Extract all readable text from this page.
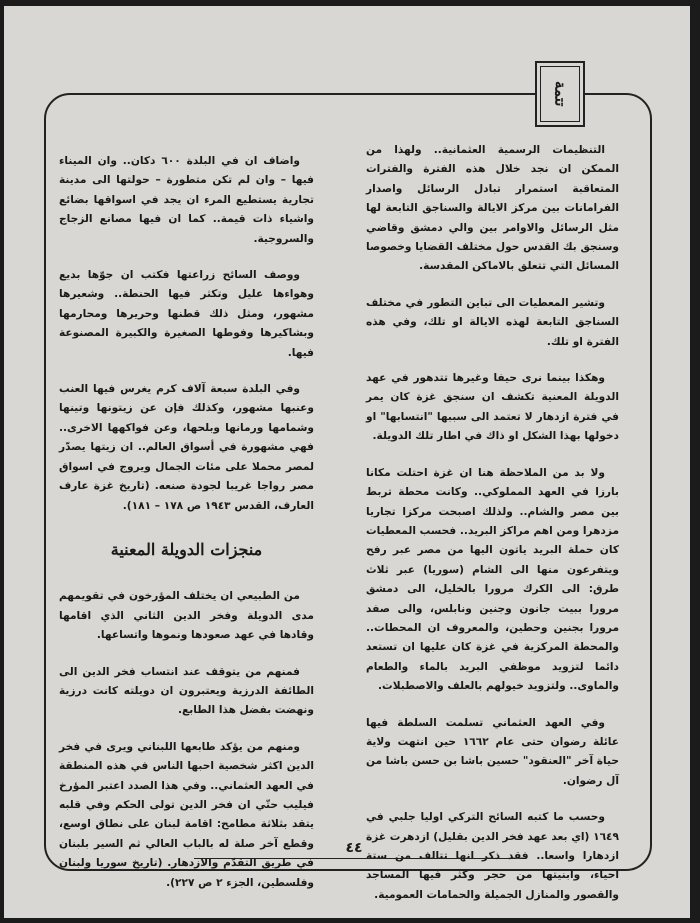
تتمة

التنظيمات الرسمية العثمانية.. ولهذا من الممكن ان نجد خلال هذه الفترة والفترات المتعاقبة استمرار تبادل الرسائل واصدار الفرامانات بين مركز الايالة والسناجق التابعة لها مثل الرسائل والاوامر بين والي دمشق وقاضي وسنجق بك القدس حول مختلف القضايا وخصوصا المسائل التي تتعلق بالاماكن المقدسة.

وتشير المعطيات الى تباين التطور في مختلف السناجق التابعة لهذه الايالة او تلك، وفي هذه الفترة او تلك.

وهكذا بينما نرى حيفا وغيرها تتدهور في عهد الدويلة المعنية تكشف ان سنجق غزة كان يمر في فترة ازدهار لا تعتمد الى سببها "انتسابها" او دخولها بهذا الشكل او ذاك في اطار تلك الدويلة.

ولا بد من الملاحظة هنا ان غزة احتلت مكانا بارزا في العهد المملوكي.. وكانت محطة تربط بين مصر والشام.. ولذلك اصبحت مركزا تجاريا مزدهرا ومن اهم مراكز البريد.. فحسب المعطيات كان حملة البريد ياتون اليها من مصر عبر رفح ويتفرعون منها الى الشام (سوريا) عبر ثلاث طرق: الى الكرك مرورا بالخليل، الى دمشق مرورا ببيت جانون وجنين ونابلس، والى صفد مرورا بجنين وحطين، والمعروف ان المحطات.. والمحطة المركزية في غزة كان عليها ان تستعد دائما لتزويد موظفي البريد بالماء والطعام والماوى.. ولتزويد خيولهم بالعلف والاصطبلات.

وفي العهد العثماني تسلمت السلطة فيها عائلة رضوان حتى عام ١٦٦٢ حين انتهت ولاية حياة آخر "العنقود" حسين باشا بن حسن باشا من آل رضوان.

وحسب ما كتبه السائح التركي اوليا جلبي في ١٦٤٩ (اي بعد عهد فخر الدين بقليل) ازدهرت غزة ازدهارا واسعا.. فقد ذكر انها تتالف من ستة احياء، وابنيتها من حجر وكثر فيها المساجد والقصور والمنازل الجميلة والحمامات العمومية.

واضاف ان في البلدة ٦٠٠ دكان.. وان الميناء فيها – وان لم تكن متطورة – حولتها الى مدينة تجارية يستطيع المرء ان يجد في اسواقها بضائع واشياء ذات قيمة.. كما ان فيها مصانع الزجاج والسروجية.

ووصف السائح زراعتها فكتب ان جوّها بديع وهواءها عليل وتكثر فيها الحنطة.. وشعيرها مشهور، ومثل ذلك قطنها وحريرها ومحارمها وبشاكيرها وفوطها الصغيرة والكبيرة المصنوعة فيها.

وفي البلدة سبعة آلاف كرم يغرس فيها العنب وعنبها مشهور، وكذلك فإن عن زيتونها وتينها وشمامها ورمانها وبلحها، وعن فواكهها الاخرى.. فهي مشهورة في أسواق العالم.. ان زيتها يصدّر لمصر محملا على مئات الجمال ويروج في اسواق مصر رواجا غريبا لجودة صنعه. (تاريخ غزة عارف العارف، القدس ١٩٤٣ ص ١٧٨ – ١٨١).

منجزات الدويلة المعنية

من الطبيعي ان يختلف المؤرخون في تقويمهم مدى الدويلة وفخر الدين الثاني الذي اقامها وقادها في عهد صعودها ونموها واتساعها.

فمنهم من يتوقف عند انتساب فخر الدين الى الطائفة الدرزية ويعتبرون ان دويلته كانت درزية ونهضت بفضل هذا الطابع.

ومنهم من يؤكد طابعها اللبناني ويرى في فخر الدين اكثر شخصية احبها الناس في هذه المنطقة في العهد العثماني.. وفي هذا الصدد اعتبر المؤرخ فيليب حتّي ان فخر الدين تولى الحكم وفي قلبه يتقد بثلاثة مطامح: اقامة لبنان على نطاق اوسع، وقطع آخر صلة له بالباب العالي ثم السير بلبنان في طريق التقدّم والازدهار. (تاريخ سوريا ولبنان وفلسطين، الجزء ٢ ص ٢٢٧).

٤٤
